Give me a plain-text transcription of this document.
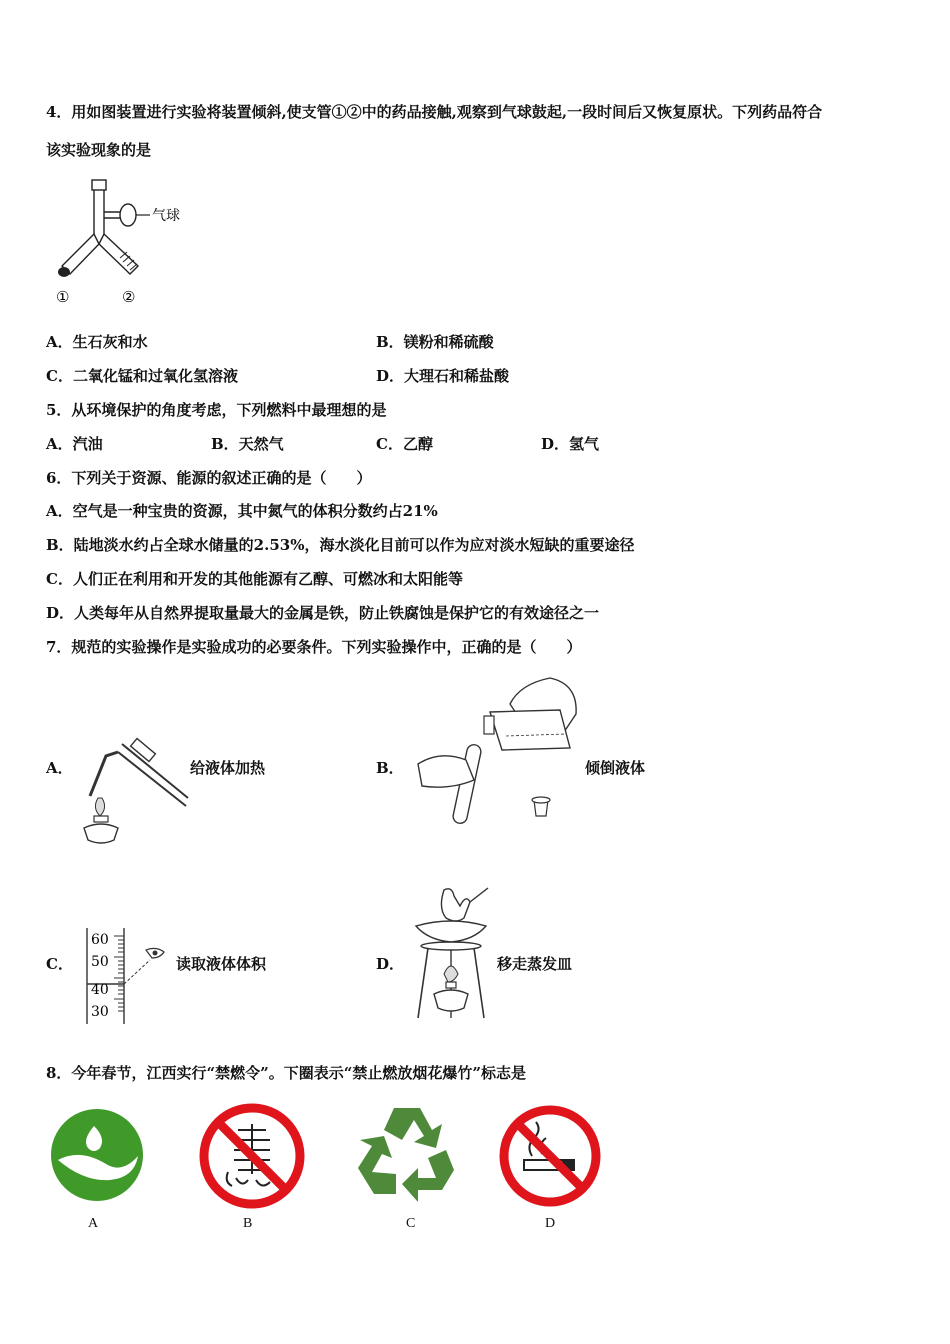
4．用如图装置进行实验将装置倾斜,使支管①②中的药品接触,观察到气球鼓起,一段时间后又恢复原状。下列药品符合
该实验现象的是
气球
①	②
A．生石灰和水	B．镁粉和稀硫酸
C．二氧化锰和过氧化氢溶液	D．大理石和稀盐酸
5．从环境保护的角度考虑，下列燃料中最理想的是
A．汽油	B．天然气	C．乙醇	D．氢气
6．下列关于资源、能源的叙述正确的是（　　）
A．空气是一种宝贵的资源，其中氮气的体积分数约占21%
B．陆地淡水约占全球水储量的2.53%，海水淡化目前可以作为应对淡水短缺的重要途径
C．人们正在利用和开发的其他能源有乙醇、可燃冰和太阳能等
D．人类每年从自然界提取量最大的金属是铁，防止铁腐蚀是保护它的有效途径之一
7．规范的实验操作是实验成功的必要条件。下列实验操作中，正确的是（　　）
A．	给液体加热	B．	倾倒液体
C．
60
50
40
30
读取液体体积	D．	移走蒸发皿
8．今年春节，江西实行“禁燃令”。下圈表示“禁止燃放烟花爆竹”标志是
A	B	C	D
